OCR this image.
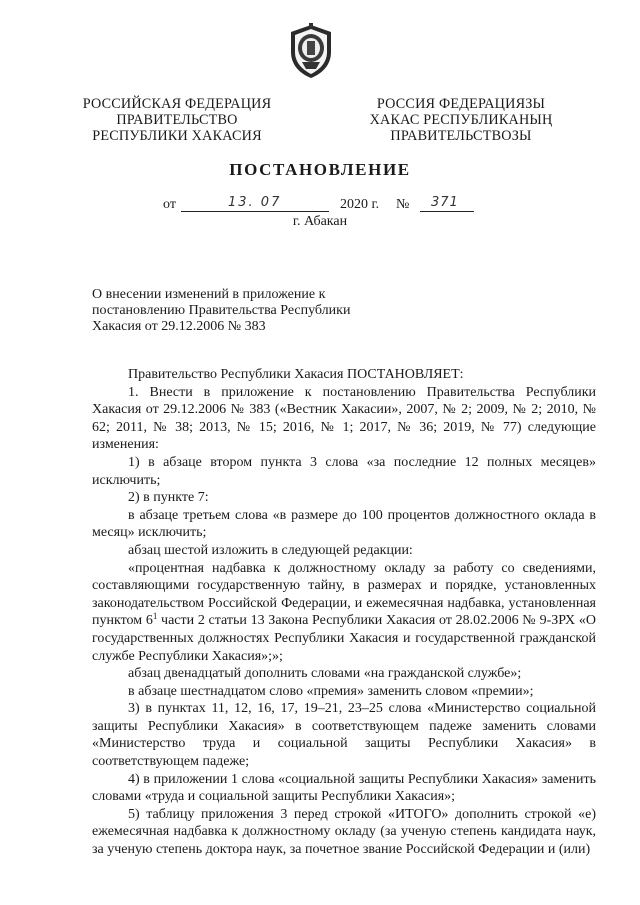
РОССИЙСКАЯ ФЕДЕРАЦИЯ
ПРАВИТЕЛЬСТВО
РЕСПУБЛИКИ ХАКАСИЯ
РОССИЯ ФЕДЕРАЦИЯЗЫ
ХАКАС РЕСПУБЛИКАНЫҢ
ПРАВИТЕЛЬСТВОЗЫ
ПОСТАНОВЛЕНИЕ
от	13. 07	2020 г. № 371
г. Абакан
О внесении изменений в приложение к
постановлению Правительства Республики
Хакасия от 29.12.2006 № 383

Правительство Республики Хакасия ПОСТАНОВЛЯЕТ:

1. Внести в приложение к постановлению Правительства Республики Хакасия от 29.12.2006 № 383 («Вестник Хакасии», 2007, № 2; 2009, № 2; 2010, № 62; 2011, № 38; 2013, № 15; 2016, № 1; 2017, № 36; 2019, № 77) следующие изменения:

1) в абзаце втором пункта 3 слова «за последние 12 полных месяцев» исключить;

2) в пункте 7:

в абзаце третьем слова «в размере до 100 процентов должностного оклада в месяц» исключить;

абзац шестой изложить в следующей редакции:

«процентная надбавка к должностному окладу за работу со сведениями, составляющими государственную тайну, в размерах и порядке, установленных законодательством Российской Федерации, и ежемесячная надбавка, установленная пунктом $6^1$ части 2 статьи 13 Закона Республики Хакасия от 28.02.2006 № 9-ЗРХ «О государственных должностях Республики Хакасия и государственной гражданской службе Республики Хакасия»;»;

абзац двенадцатый дополнить словами «на гражданской службе»;

в абзаце шестнадцатом слово «премия» заменить словом «премии»;

3) в пунктах 11, 12, 16, 17, 19–21, 23–25 слова «Министерство социальной защиты Республики Хакасия» в соответствующем падеже заменить словами «Министерство труда и социальной защиты Республики Хакасия» в соответствующем падеже;

4) в приложении 1 слова «социальной защиты Республики Хакасия» заменить словами «труда и социальной защиты Республики Хакасия»;

5) таблицу приложения 3 перед строкой «ИТОГО» дополнить строкой «е) ежемесячная надбавка к должностному окладу (за ученую степень кандидата наук, за ученую степень доктора наук, за почетное звание Российской Федерации и (или)
